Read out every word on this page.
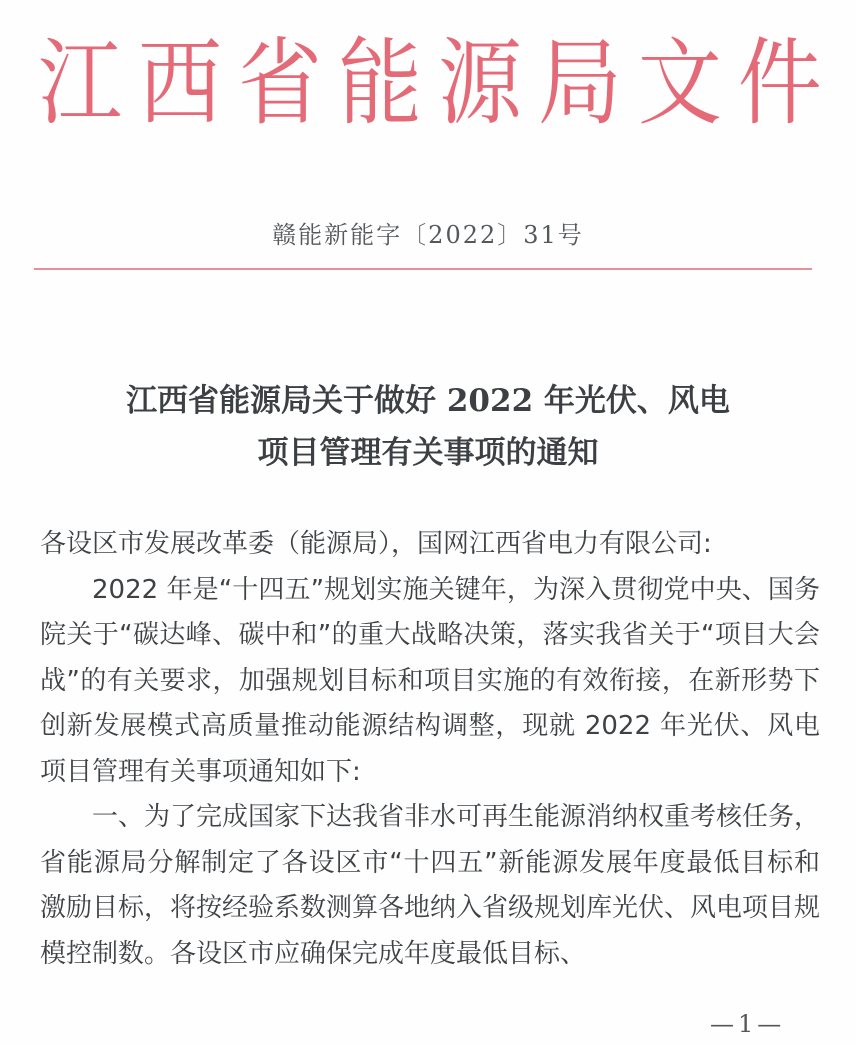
江 西 省 能 源 局 文 件
赣能新能字〔2022〕31号
江西省能源局关于做好 2022 年光伏、风电
项目管理有关事项的通知

各设区市发展改革委（能源局），国网江西省电力有限公司:

2022 年是“十四五”规划实施关键年，为深入贯彻党中央、国务院关于“碳达峰、碳中和”的重大战略决策，落实我省关于“项目大会战”的有关要求，加强规划目标和项目实施的有效衔接，在新形势下创新发展模式高质量推动能源结构调整，现就 2022 年光伏、风电项目管理有关事项通知如下:

一、为了完成国家下达我省非水可再生能源消纳权重考核任务，省能源局分解制定了各设区市“十四五”新能源发展年度最低目标和激励目标，将按经验系数测算各地纳入省级规划库光伏、风电项目规模控制数。各设区市应确保完成年度最低目标、

—1—
